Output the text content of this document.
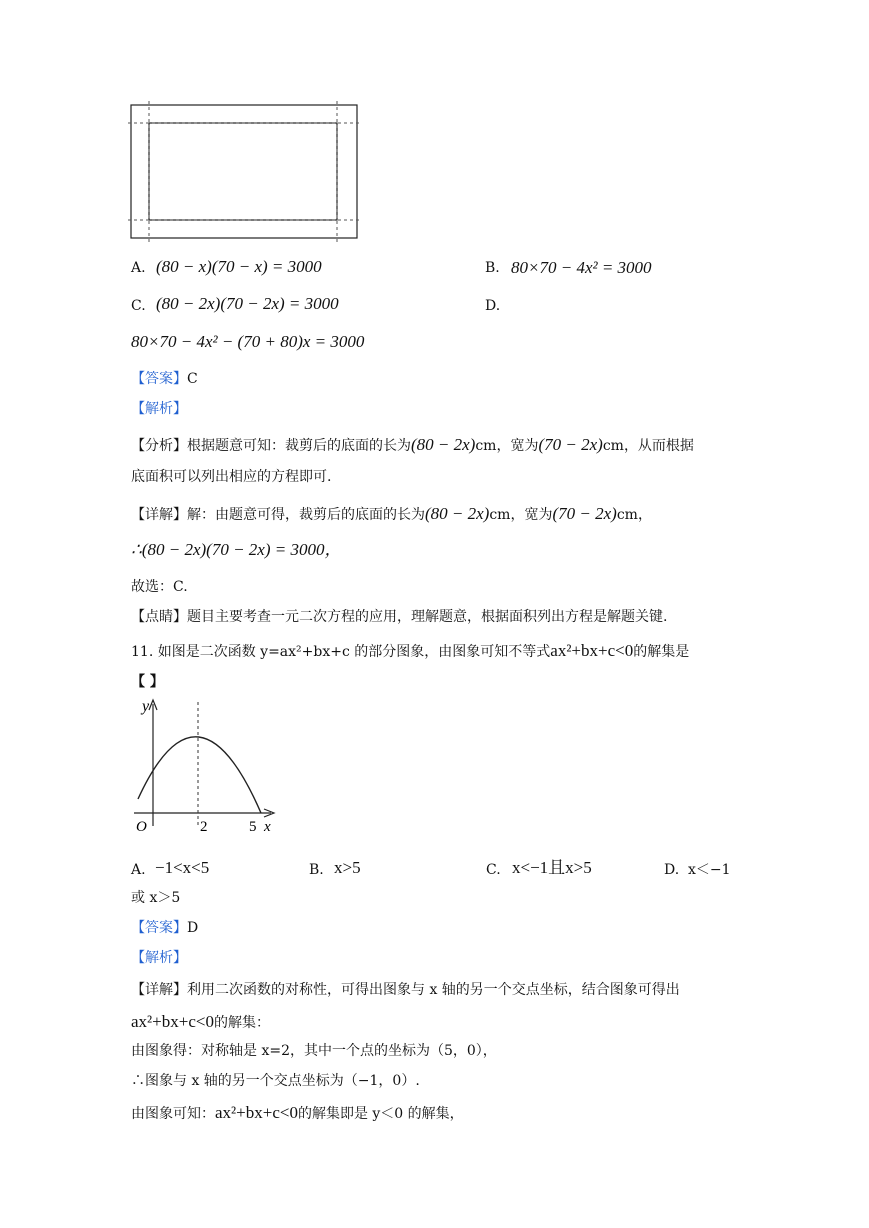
A. (80 − x)(70 − x) = 3000	B. 80×70 − 4x² = 3000
C. (80 − 2x)(70 − 2x) = 3000	D.
80×70 − 4x² − (70 + 80)x = 3000
【答案】C
【解析】
【分析】根据题意可知：裁剪后的底面的长为(80 − 2x)cm，宽为(70 − 2x)cm，从而根据
底面积可以列出相应的方程即可.
【详解】解：由题意可得，裁剪后的底面的长为(80 − 2x)cm，宽为(70 − 2x)cm，
∴(80 − 2x)(70 − 2x) = 3000，
故选：C.
【点睛】题目主要考查一元二次方程的应用，理解题意，根据面积列出方程是解题关键.
11. 如图是二次函数 y=ax²+bx+c 的部分图象，由图象可知不等式ax²+bx+c<0的解集是
【 】
y
O	2	5 x
A. −1<x<5	B. x>5	C. x<−1且x>5	D. x＜−1
或 x＞5
【答案】D
【解析】
【详解】利用二次函数的对称性，可得出图象与 x 轴的另一个交点坐标，结合图象可得出
ax²+bx+c<0的解集：
由图象得：对称轴是 x=2，其中一个点的坐标为（5，0），
∴图象与 x 轴的另一个交点坐标为（−1，0）.
由图象可知：ax²+bx+c<0的解集即是 y＜0 的解集，
